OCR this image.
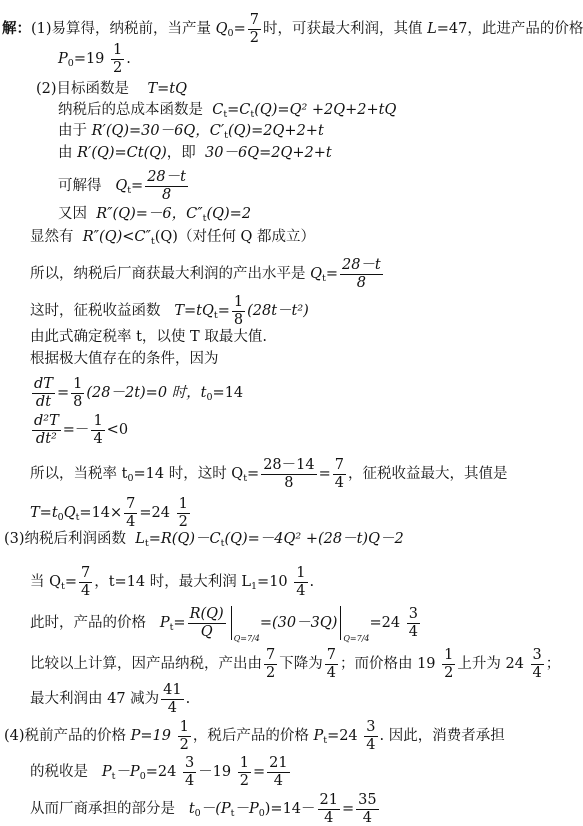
解：(1)易算得，纳税前，当产量 $Q_0= \frac{7}{2}$ 时，可获最大利润，其值 L=47，此进产品的价格
$P_0=19 \frac{1}{2}$ .
(2)目标函数是 T=tQ
纳税后的总成本函数是 $C_t=C_t(Q)=Q^2 +2Q+2+tQ$
由于 R′(Q)=30－6Q，$C'_t(Q)=2Q+2+t$
由 R′(Q)=Ct(Q)，即 30－6Q=2Q+2+t
可解得 $Q_t= \frac{28-t}{8}$
又因 R″(Q)=－6，$C''_t(Q)=2$
显然有 $R''(Q)<C''_t(Q)$（对任何 Q 都成立）
所以，纳税后厂商获最大利润的产出水平是 $Q_t= \frac{28-t}{8}$
这时，征税收益函数 $T=tQ_t= \frac{1}{8} (28t-t^2)$
由此式确定税率 t，以使 T 取最大值.
根据极大值存在的条件，因为
$\frac{dT}{dt} = \frac{1}{8} (28-2t)=0$ 时，$t_0=14$
$\frac{\text{d²T}}{\text{dt²}} =- \frac{1}{4} <0$
所以，当税率 $t_0=14$ 时，这时 $Q_t= \frac{28-14}{8} = \frac{7}{4}$ ，征税收益最大，其值是
$T=t_0Q_t=14\times \frac{7}{4} =24 \frac{1}{2}$
(3)纳税后利润函数 $L_t=R(Q)-C_t(Q)=-4Q^2 +(28-t)Q-2$
当 $Q_t= \frac{7}{4}$ ，t=14 时，最大利润 $L_1=10 \frac{1}{4}$ .
此时，产品的价格 $P_t= \frac{R(Q)}{Q} Q=7/4=(30-3Q)Q=7/4=24 \frac{3}{4}$
比较以上计算，因产品纳税，产出由 $\frac{7}{2}$ 下降为 $\frac{7}{4}$ ；而价格由 $19 \frac{1}{2}$ 上升为 $24 \frac{3}{4}$ ；
最大利润由 47 减为 $\frac{41}{4}$ .
(4)税前产品的价格 $P=19 \frac{1}{2}$ ，税后产品的价格 $P_t=24 \frac{3}{4}$ . 因此，消费者承担
的税收是 $P_t-P_0=24 \frac{3}{4} -19 \frac{1}{2} = \frac{21}{4}$
从而厂商承担的部分是 $t_0-(P_t-P_0)=14- \frac{21}{4} = \frac{35}{4}$
